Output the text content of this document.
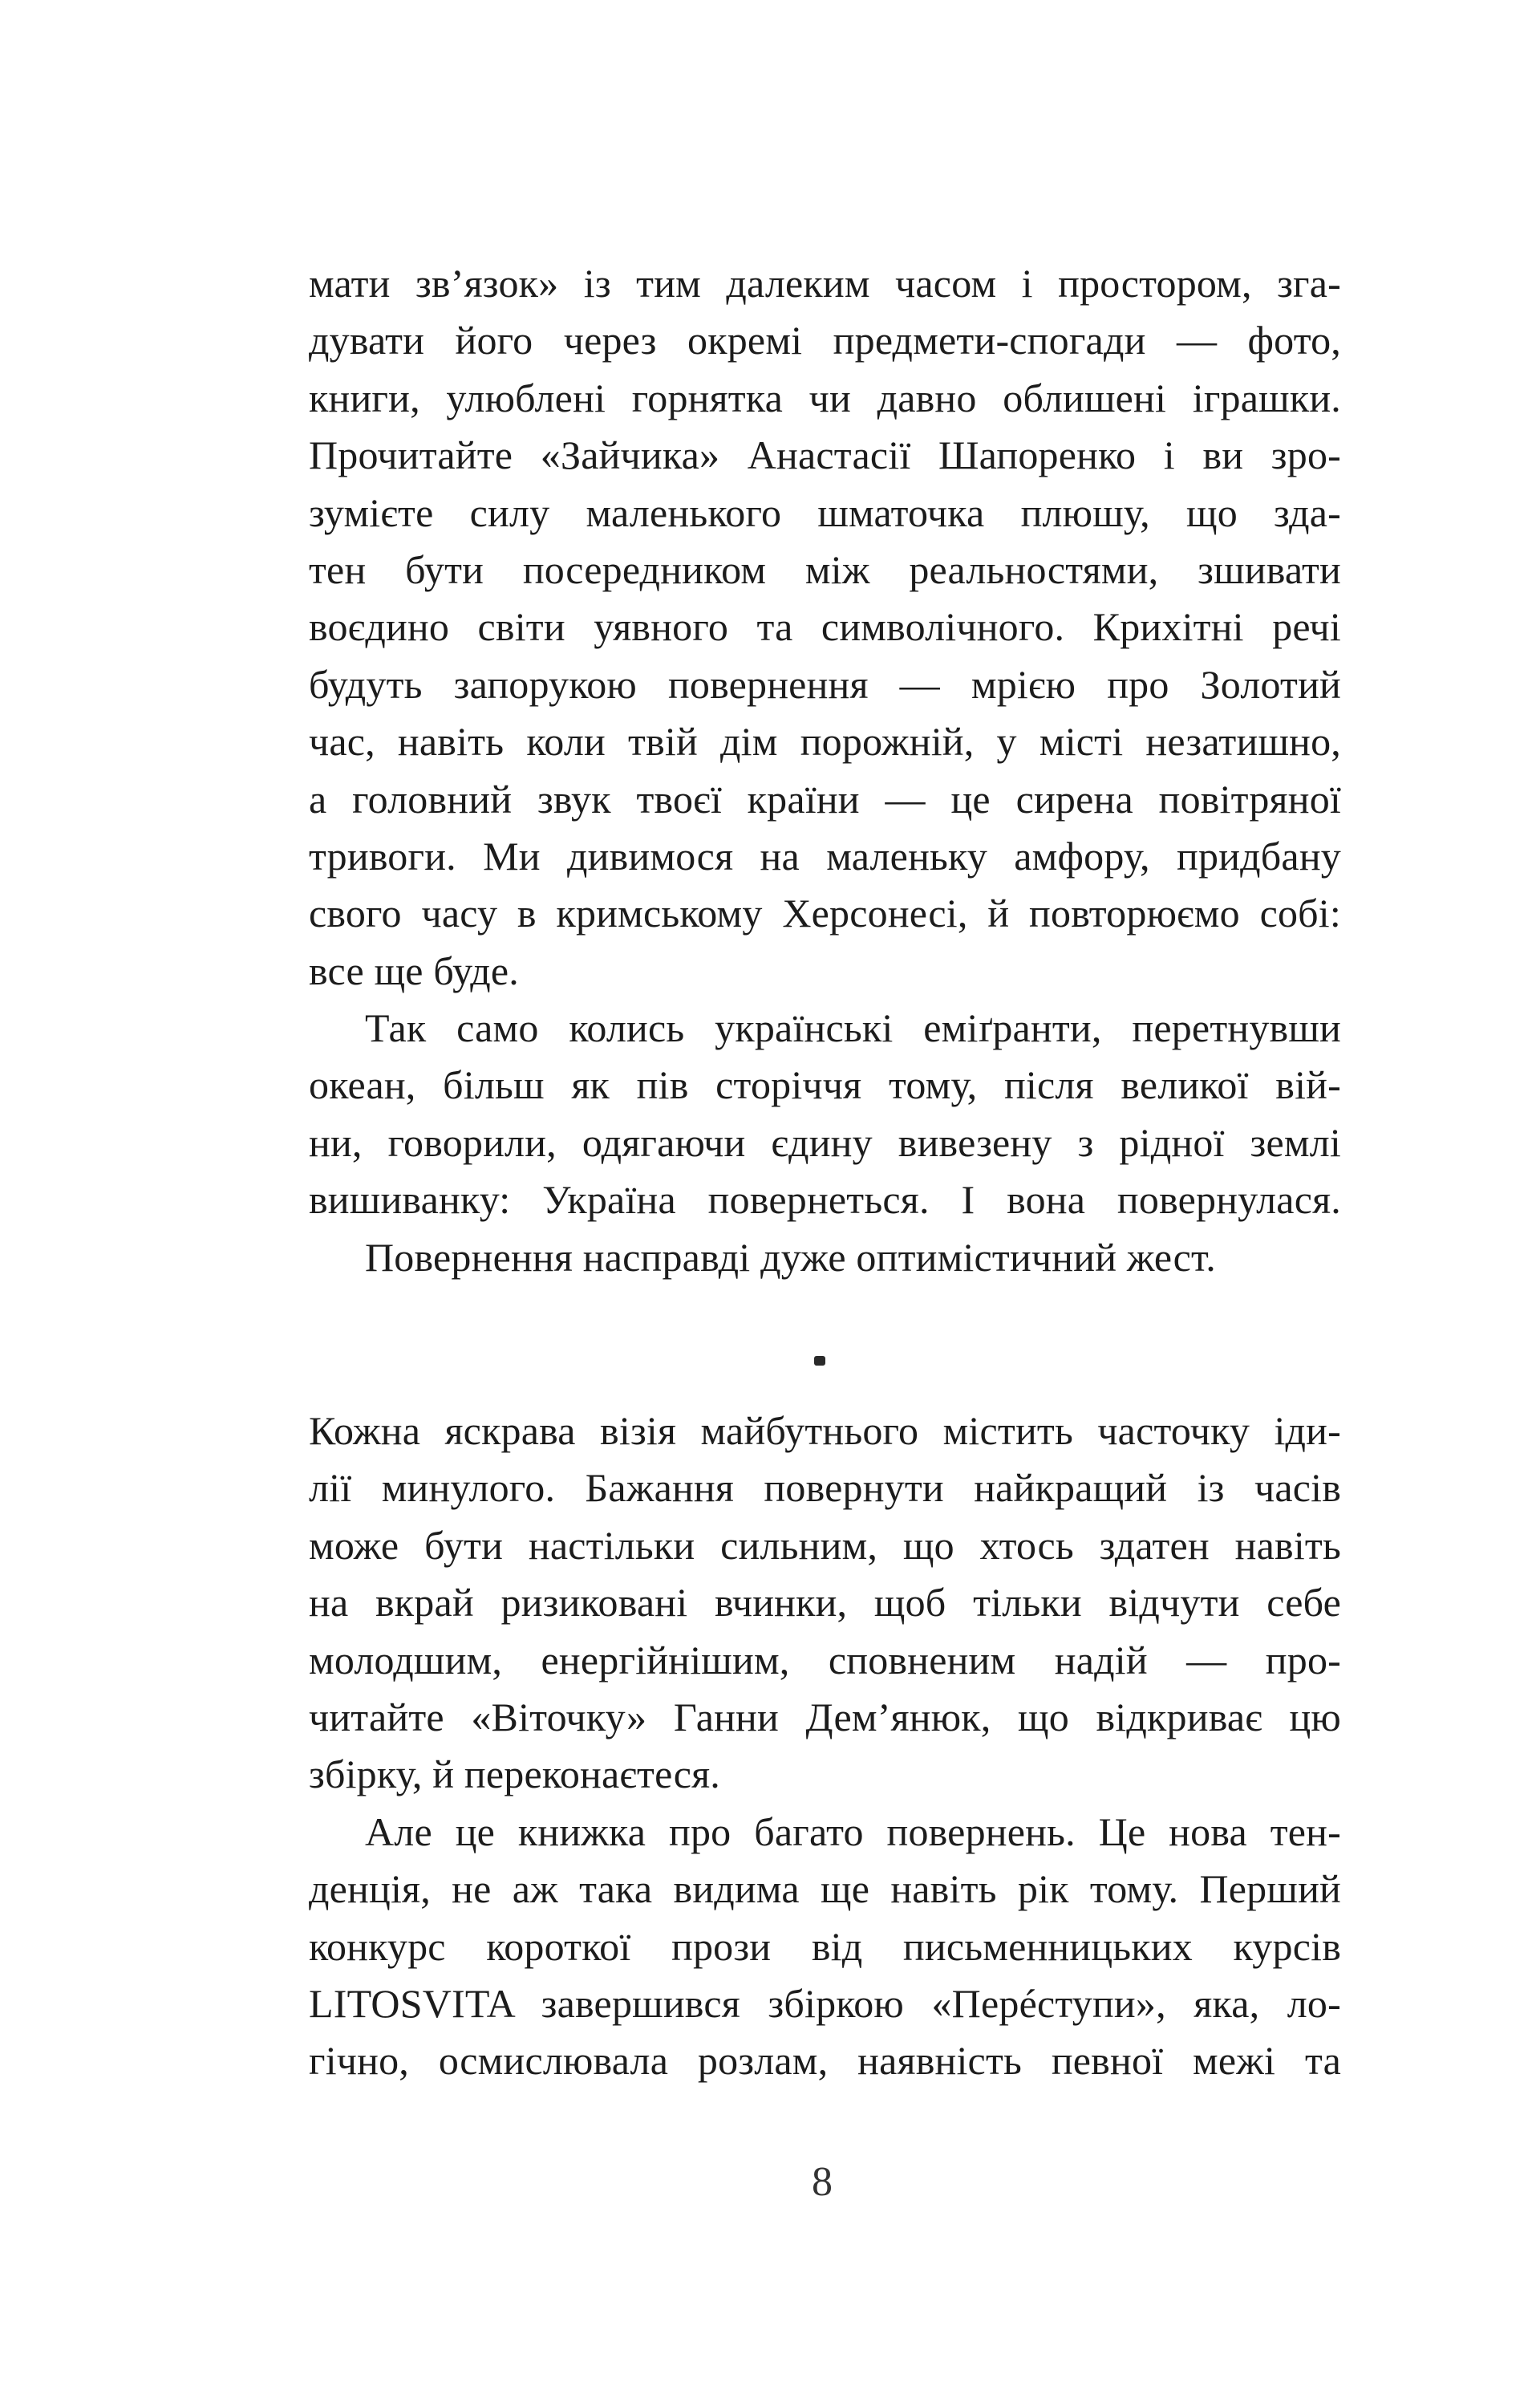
мати зв’язок» із тим далеким часом і простором, зга-
дувати його через окремі предмети-спогади — фото,
книги, улюблені горнятка чи давно облишені іграшки.
Прочитайте «Зайчика» Анастасії Шапоренко і ви зро-
зумієте силу маленького шматочка плюшу, що зда-
тен бути посередником між реальностями, зшивати
воєдино світи уявного та символічного. Крихітні речі
будуть запорукою повернення — мрією про Золотий
час, навіть коли твій дім порожній, у місті незатишно,
а головний звук твоєї країни — це сирена повітряної
тривоги. Ми дивимося на маленьку амфору, придбану
свого часу в кримському Херсонесі, й повторюємо собі:
все ще буде.
Так само колись українські еміґранти, перетнувши
океан, більш як пів сторіччя тому, після великої вій-
ни, говорили, одягаючи єдину вивезену з рідної землі
вишиванку: Україна повернеться. І вона повернулася.
Повернення насправді дуже оптимістичний жест.
Кожна яскрава візія майбутнього містить часточку іди-
лії минулого. Бажання повернути найкращий із часів
може бути настільки сильним, що хтось здатен навіть
на вкрай ризиковані вчинки, щоб тільки відчути себе
молодшим, енергійнішим, сповненим надій — про-
читайте «Віточку» Ганни Дем’янюк, що відкриває цю
збірку, й переконаєтеся.
Але це книжка про багато повернень. Це нова тен-
денція, не аж така видима ще навіть рік тому. Перший
конкурс короткої прози від письменницьких курсів
LITOSVITA завершився збіркою «Перéступи», яка, ло-
гічно, осмислювала розлам, наявність певної межі та
8
